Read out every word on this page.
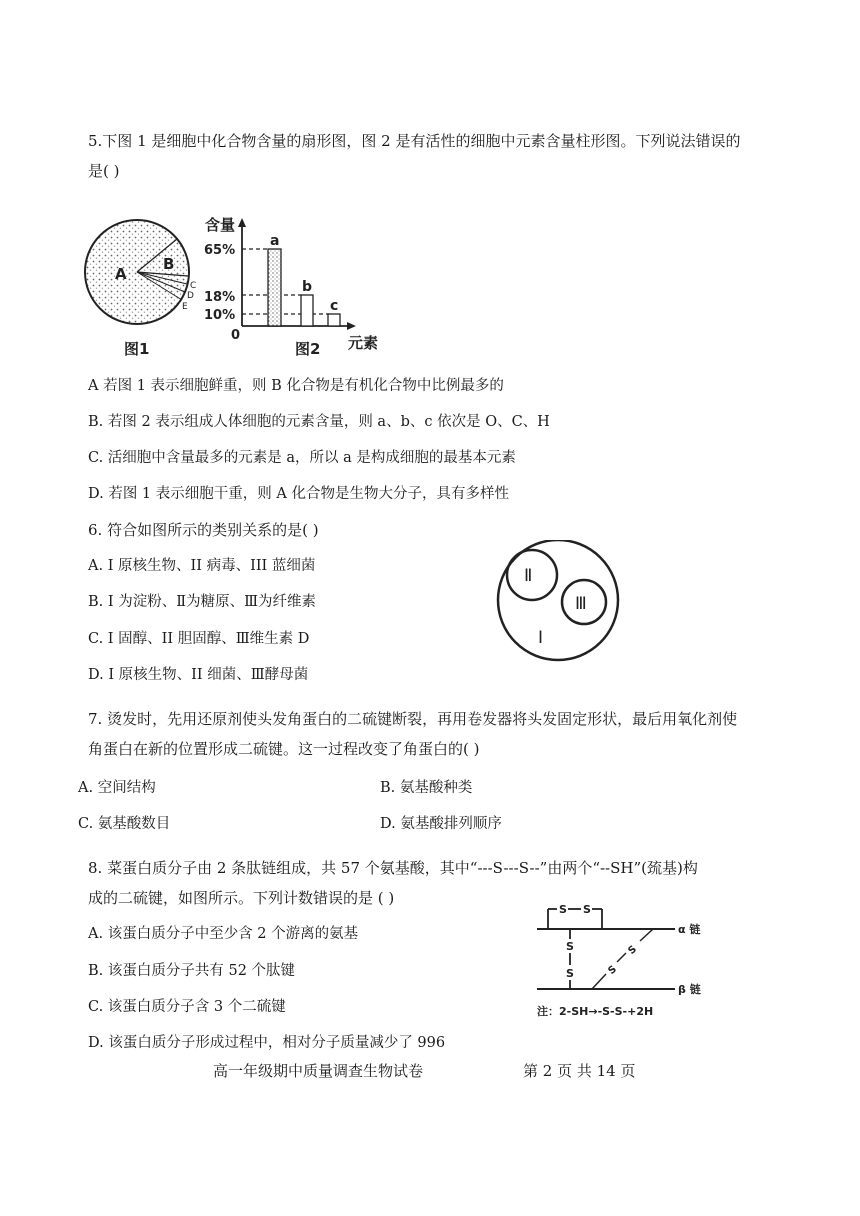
5.下图 1 是细胞中化合物含量的扇形图，图 2 是有活性的细胞中元素含量柱形图。下列说法错误的
是( )
A
B
C
D
E
图1
含量
65%
18%
10%
0
a
b
c
图2 元素
A 若图 1 表示细胞鲜重，则 B 化合物是有机化合物中比例最多的
B. 若图 2 表示组成人体细胞的元素含量，则 a、b、c 依次是 O、C、H
C. 活细胞中含量最多的元素是 a，所以 a 是构成细胞的最基本元素
D. 若图 1 表示细胞干重，则 A 化合物是生物大分子，具有多样性
6. 符合如图所示的类别关系的是( )
A. I 原核生物、II 病毒、III 蓝细菌
B. I 为淀粉、Ⅱ为糖原、Ⅲ为纤维素
C. I 固醇、II 胆固醇、Ⅲ维生素 D
D. I 原核生物、II 细菌、Ⅲ酵母菌
Ⅱ
Ⅲ
I
7. 烫发时，先用还原剂使头发角蛋白的二硫键断裂，再用卷发器将头发固定形状，最后用氧化剂使
角蛋白在新的位置形成二硫键。这一过程改变了角蛋白的( )
A. 空间结构	B. 氨基酸种类
C. 氨基酸数目	D. 氨基酸排列顺序
8. 菜蛋白质分子由 2 条肽链组成，共 57 个氨基酸，其中“---S---S--”由两个“--SH”(巯基)构
成的二硫键，如图所示。下列计数错误的是 ( )
A. 该蛋白质分子中至少含 2 个游离的氨基
B. 该蛋白质分子共有 52 个肽键
C. 该蛋白质分子含 3 个二硫键
D. 该蛋白质分子形成过程中，相对分子质量减少了 996
S S
α 链
S
S
S
S
β 链
注：2-SH→-S-S-+2H
高一年级期中质量调查生物试卷	第 2 页 共 14 页
